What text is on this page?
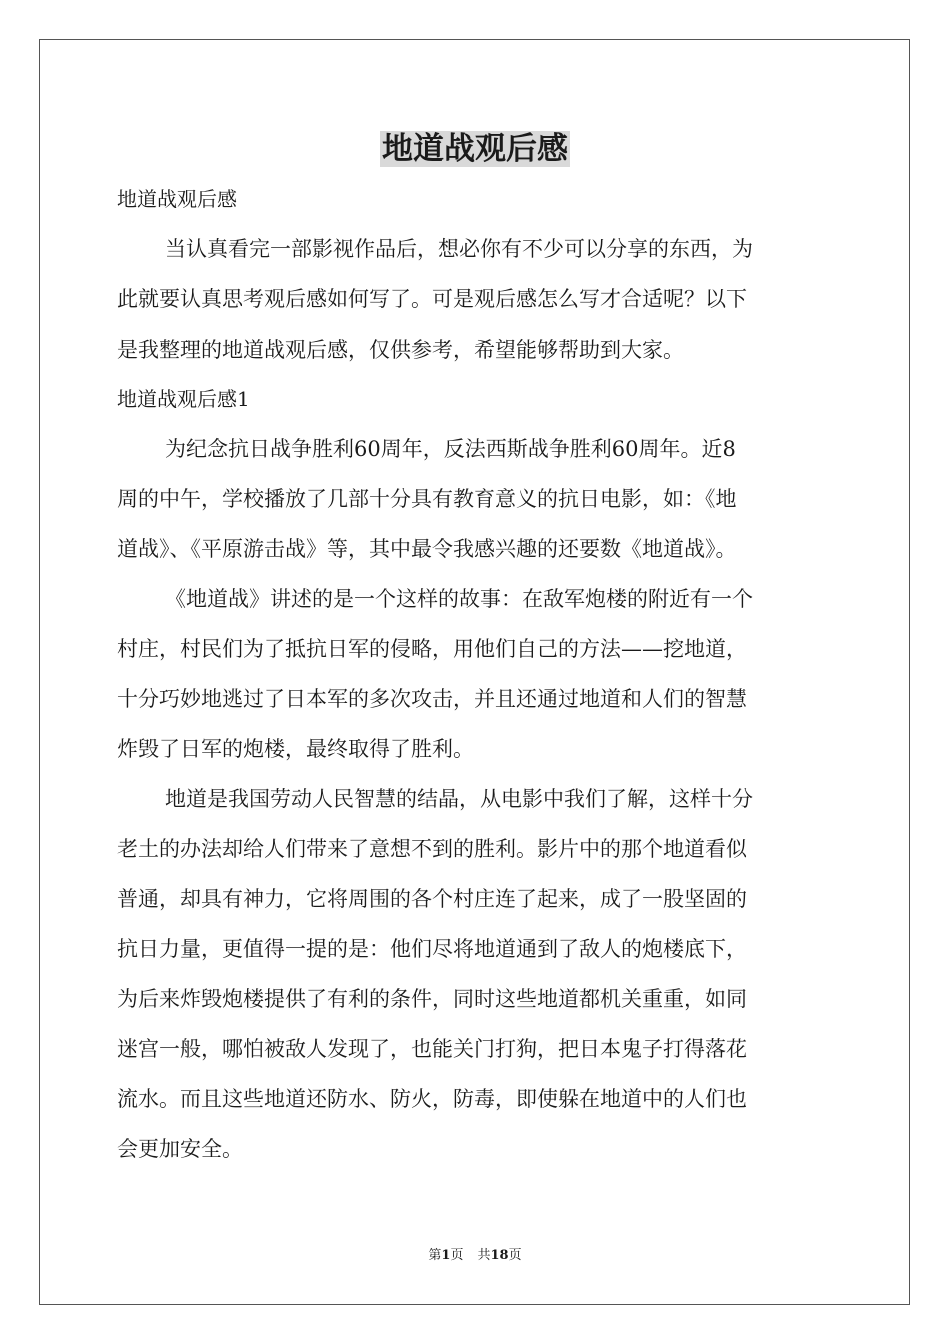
地道战观后感

地道战观后感

当认真看完一部影视作品后，想必你有不少可以分享的东西，为

此就要认真思考观后感如何写了。可是观后感怎么写才合适呢？以下

是我整理的地道战观后感，仅供参考，希望能够帮助到大家。

地道战观后感1

为纪念抗日战争胜利60周年，反法西斯战争胜利60周年。近8

周的中午，学校播放了几部十分具有教育意义的抗日电影，如：《地

道战》、《平原游击战》等，其中最令我感兴趣的还要数《地道战》。

《地道战》讲述的是一个这样的故事：在敌军炮楼的附近有一个

村庄，村民们为了抵抗日军的侵略，用他们自己的方法——挖地道，

十分巧妙地逃过了日本军的多次攻击，并且还通过地道和人们的智慧

炸毁了日军的炮楼，最终取得了胜利。

地道是我国劳动人民智慧的结晶，从电影中我们了解，这样十分

老土的办法却给人们带来了意想不到的胜利。影片中的那个地道看似

普通，却具有神力，它将周围的各个村庄连了起来，成了一股坚固的

抗日力量，更值得一提的是：他们尽将地道通到了敌人的炮楼底下，

为后来炸毁炮楼提供了有利的条件，同时这些地道都机关重重，如同

迷宫一般，哪怕被敌人发现了，也能关门打狗，把日本鬼子打得落花

流水。而且这些地道还防水、防火，防毒，即使躲在地道中的人们也

会更加安全。

第1页 共18页
